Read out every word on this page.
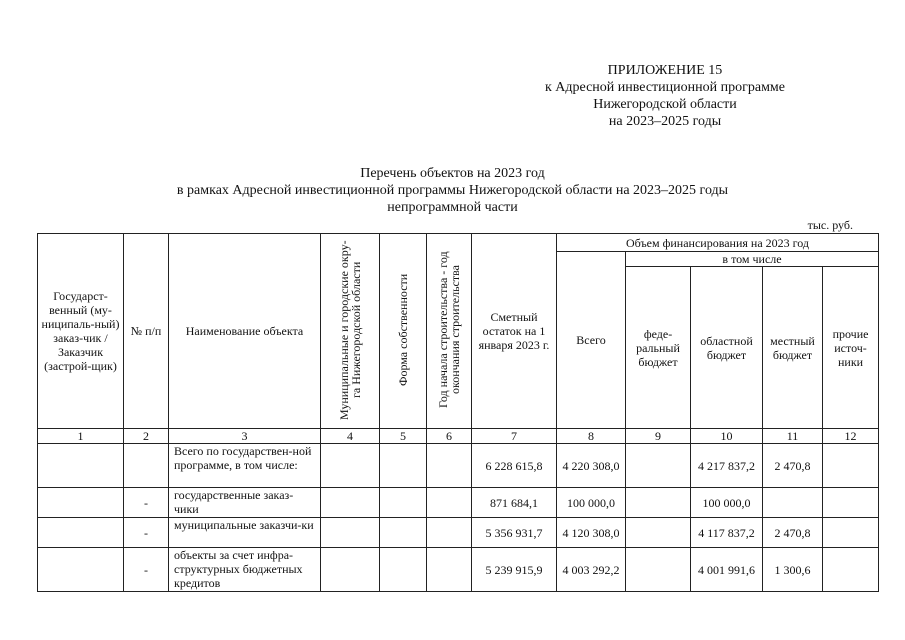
ПРИЛОЖЕНИЕ 15
к Адресной инвестиционной программе
Нижегородской области
на 2023–2025 годы
Перечень объектов на 2023 год
в рамках Адресной инвестиционной программы Нижегородской области на 2023–2025 годы
непрограммной части
тыс. руб.
Государст-венный (му-ниципаль-ный) заказ-чик / Заказчик (застрой-щик)	№ п/п	Наименование объекта	Муниципальные и городские окру-га Нижегородской области	Форма собственности	Год начала строительства - год окончания строительства	Сметный остаток на 1 января 2023 г.	Объем финансирования на 2023 год				
							Всего	в том числе			
								феде-ральный бюджет	областной бюджет	местный бюджет	прочие источ-ники
1	2	3	4	5	6	7	8	9	10	11	12
		Всего по государствен-ной программе, в том числе:				6 228 615,8	4 220 308,0		4 217 837,2	2 470,8	
	-	государственные заказ-чики				871 684,1	100 000,0		100 000,0		
	-	муниципальные заказчи-ки				5 356 931,7	4 120 308,0		4 117 837,2	2 470,8	
	-	объекты за счет инфра-структурных бюджетных кредитов				5 239 915,9	4 003 292,2		4 001 991,6	1 300,6	
